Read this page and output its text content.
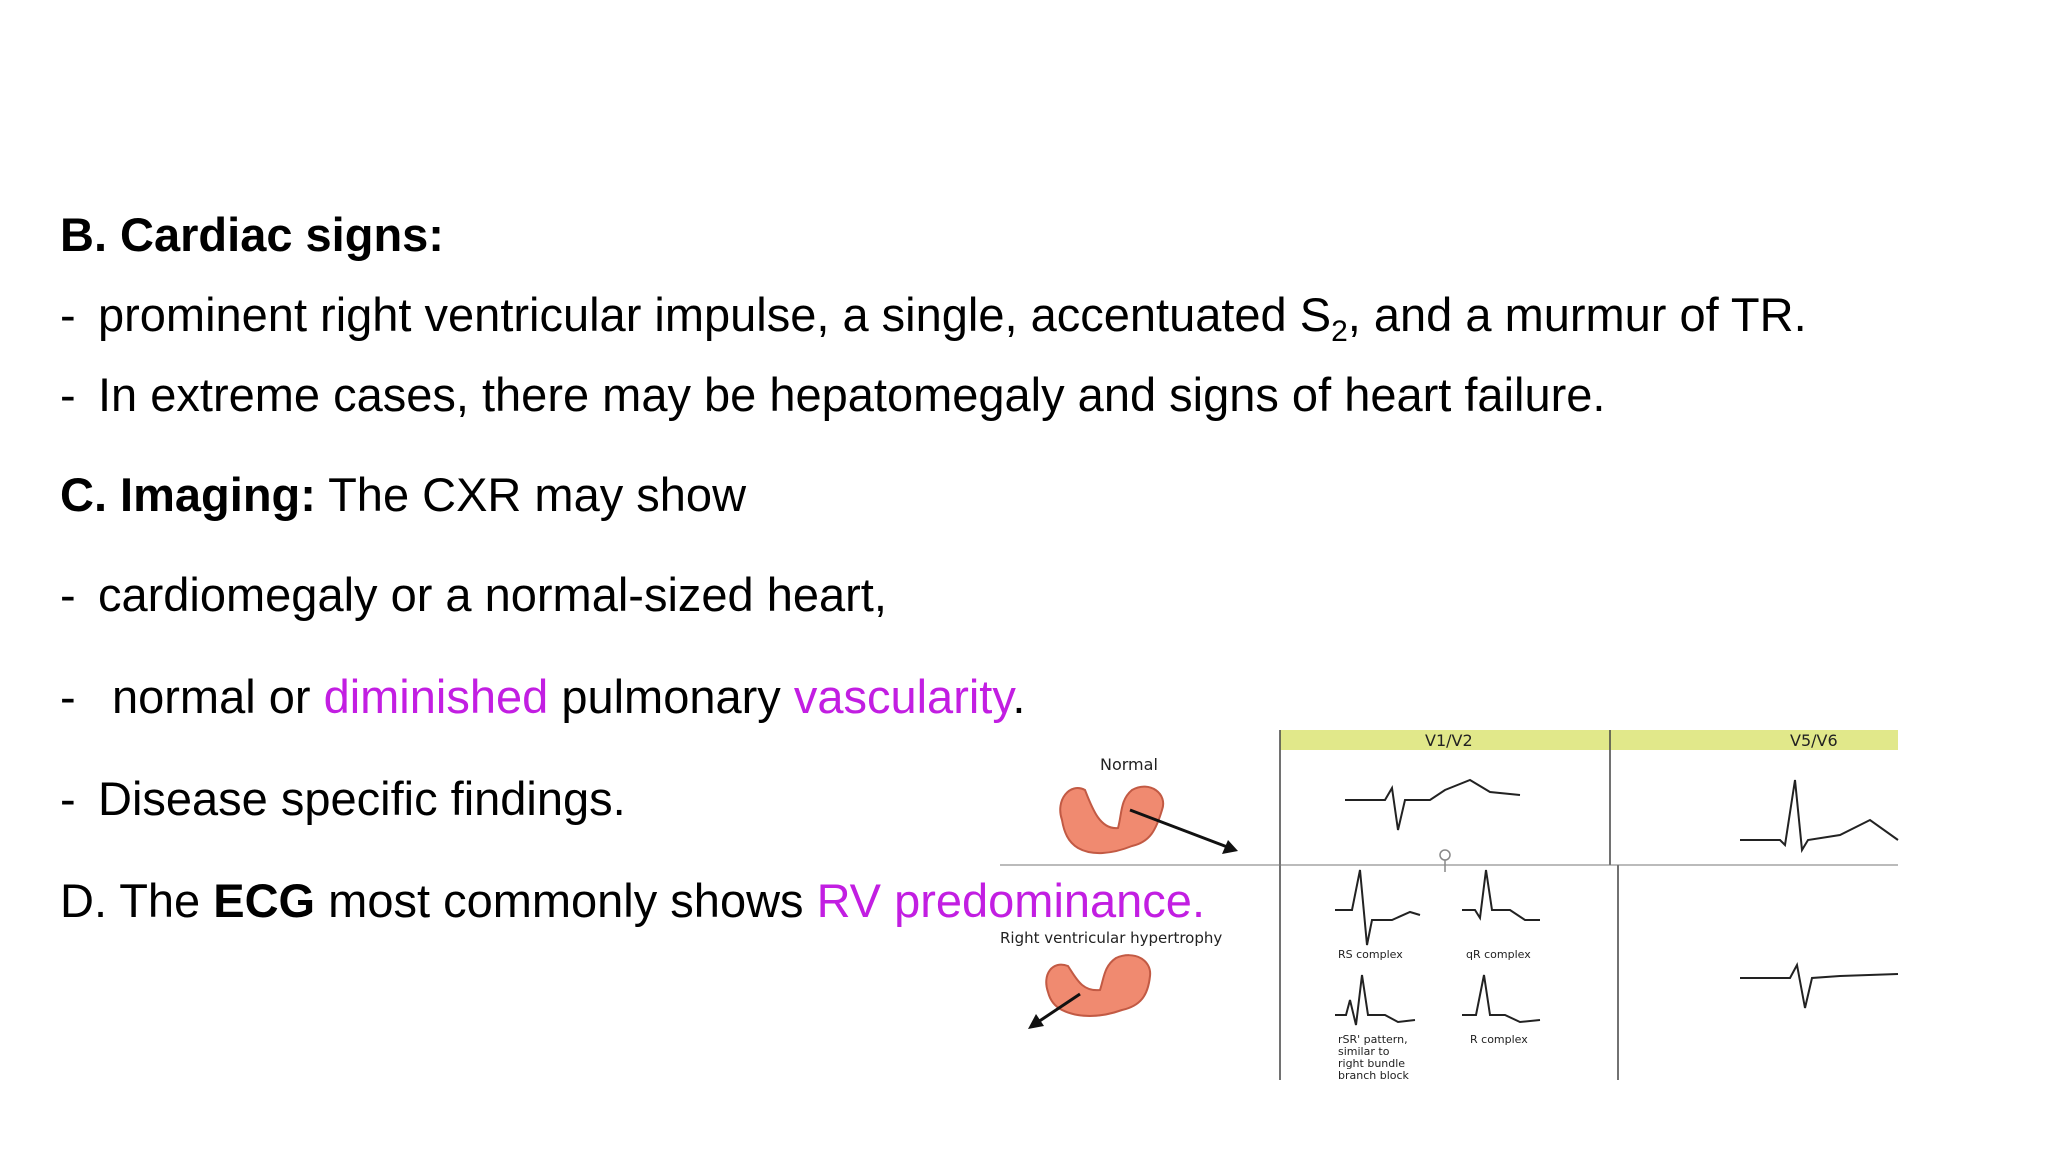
B. Cardiac signs:
- prominent right ventricular impulse, a single, accentuated $S_2$, and a murmur of TR.
- In extreme cases, there may be hepatomegaly and signs of heart failure.
C. Imaging: The CXR may show
- cardiomegaly or a normal-sized heart,
- normal or diminished pulmonary vascularity.
- Disease specific findings.
D. The ECG most commonly shows RV predominance.
V1/V2	V5/V6
Normal
Right ventricular hypertrophy
RS complex	qR complex
rSR' pattern,
similar to
right bundle
branch block
R complex
